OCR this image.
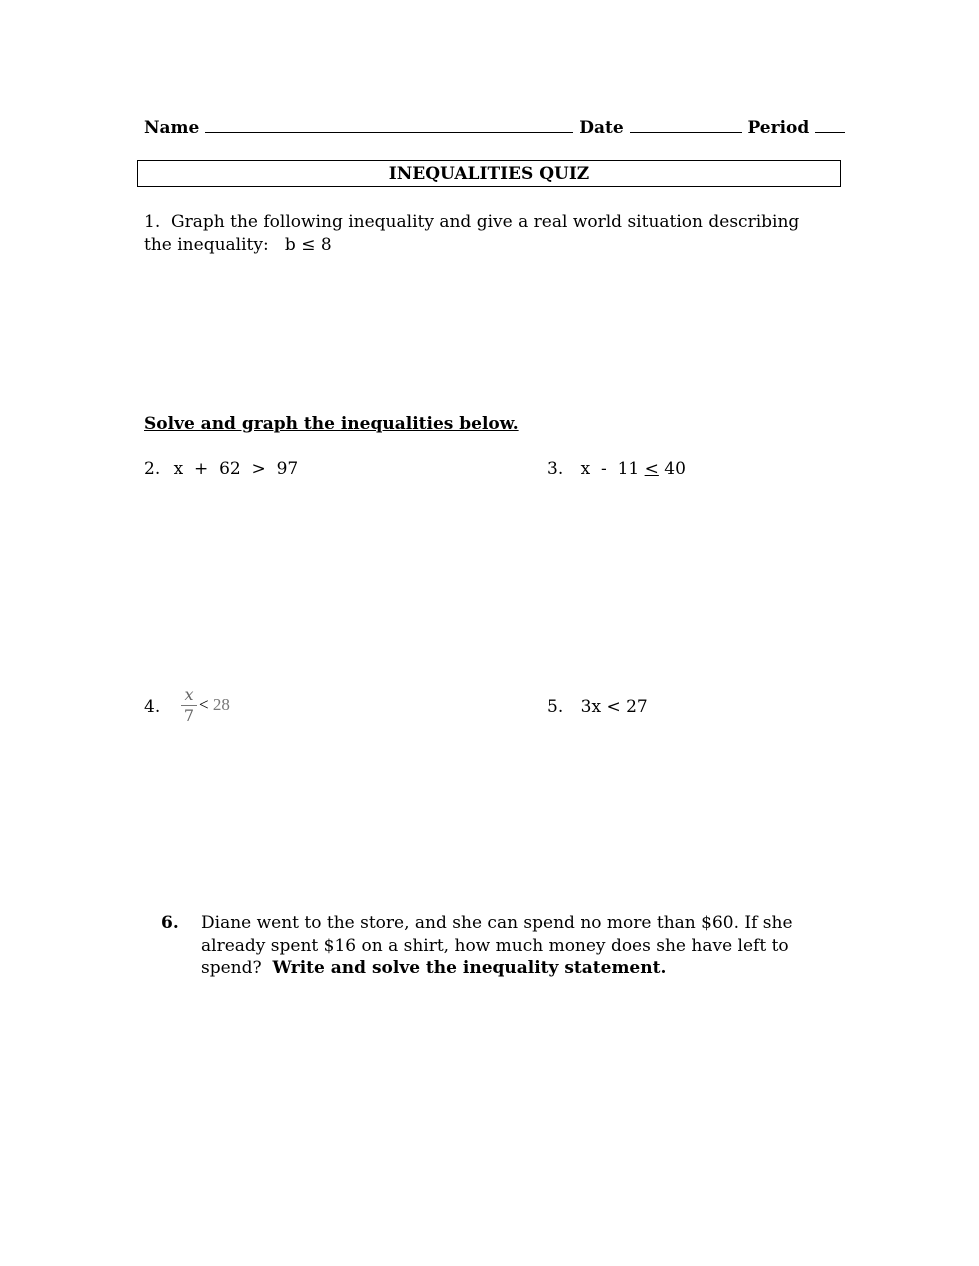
Name	Date	Period
INEQUALITIES QUIZ
1. Graph the following inequality and give a real world situation describing the inequality: b ≤ 8
Solve and graph the inequalities below.
2. x  +  62  >  97	3. x  -  11 < 40
4.
x
7
< 28	5. 3x < 27
6. Diane went to the store, and she can spend no more than $60. If she already spent $16 on a shirt, how much money does she have left to spend? Write and solve the inequality statement.
